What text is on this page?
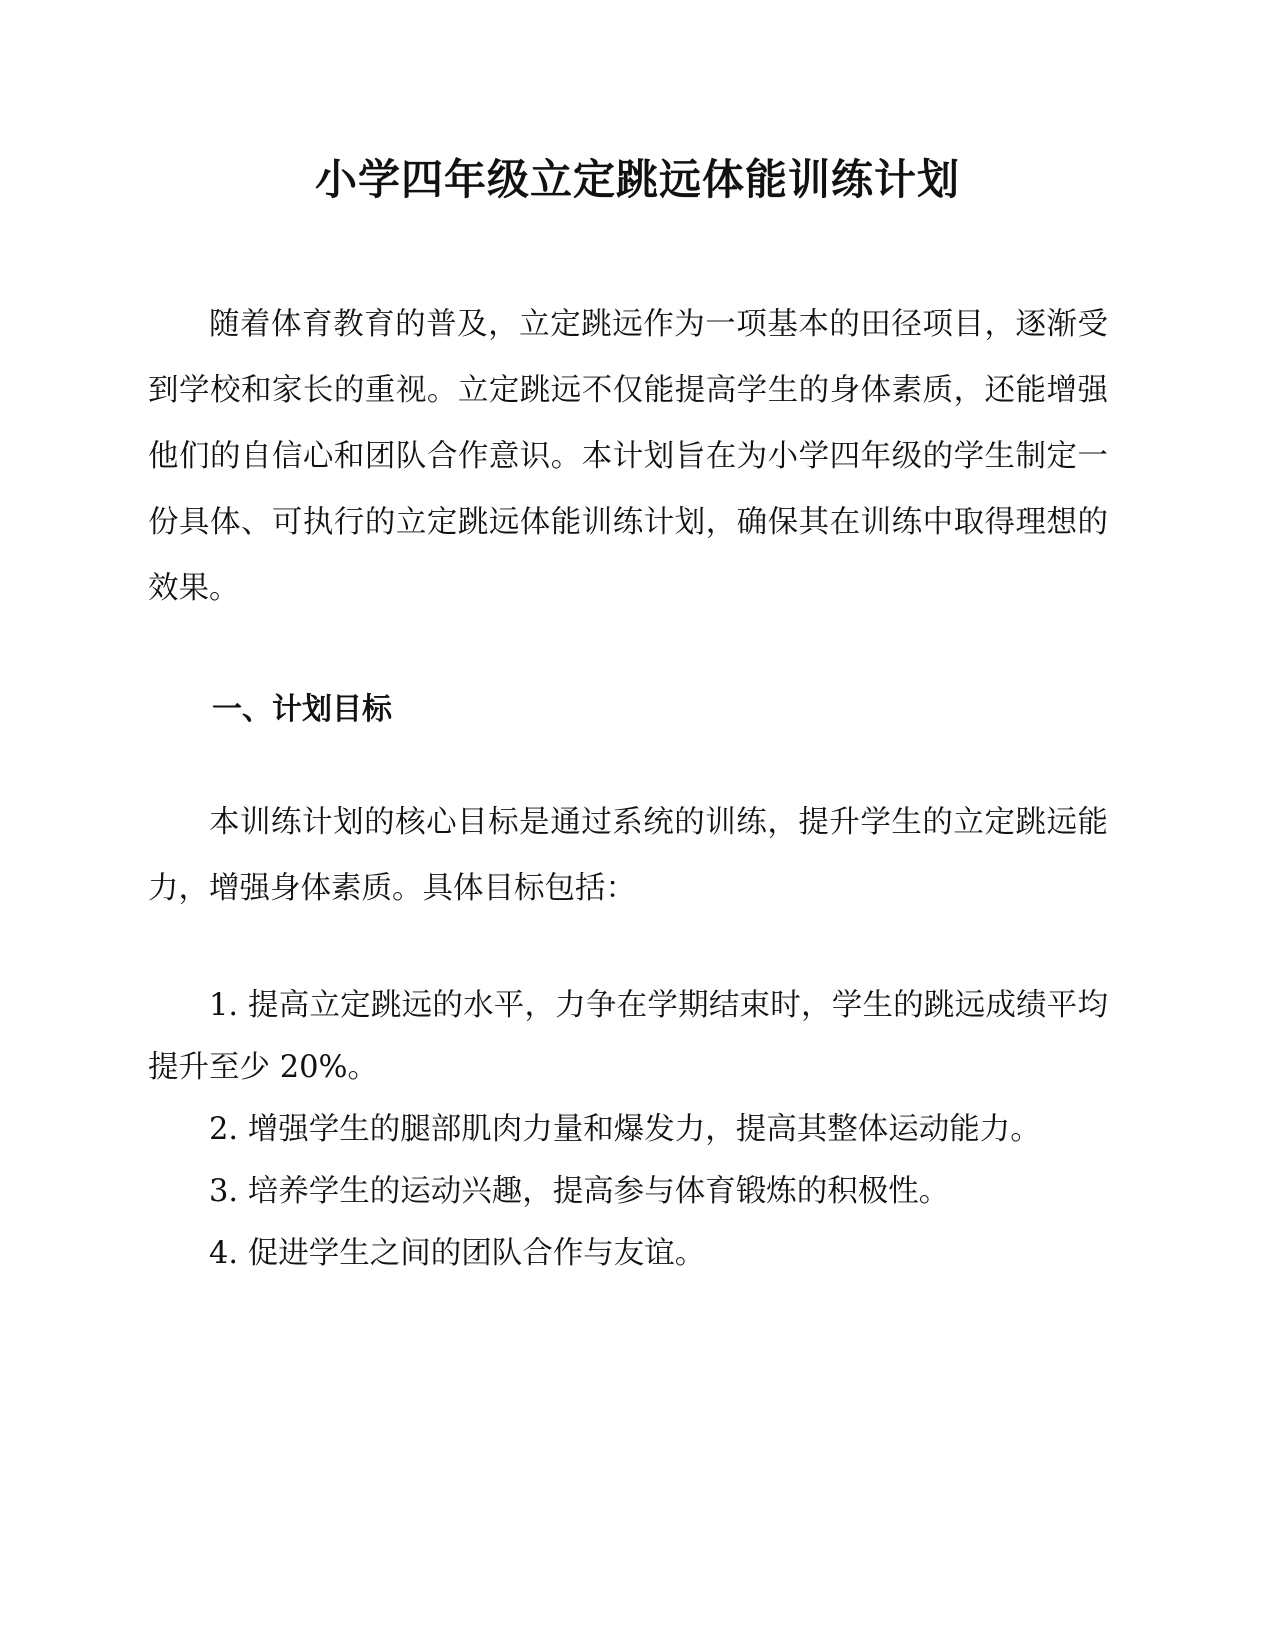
小学四年级立定跳远体能训练计划

随着体育教育的普及，立定跳远作为一项基本的田径项目，逐渐受到学校和家长的重视。立定跳远不仅能提高学生的身体素质，还能增强他们的自信心和团队合作意识。本计划旨在为小学四年级的学生制定一份具体、可执行的立定跳远体能训练计划，确保其在训练中取得理想的效果。

一、计划目标

本训练计划的核心目标是通过系统的训练，提升学生的立定跳远能力，增强身体素质。具体目标包括：

1. 提高立定跳远的水平，力争在学期结束时，学生的跳远成绩平均提升至少 20%。
2. 增强学生的腿部肌肉力量和爆发力，提高其整体运动能力。
3. 培养学生的运动兴趣，提高参与体育锻炼的积极性。
4. 促进学生之间的团队合作与友谊。
